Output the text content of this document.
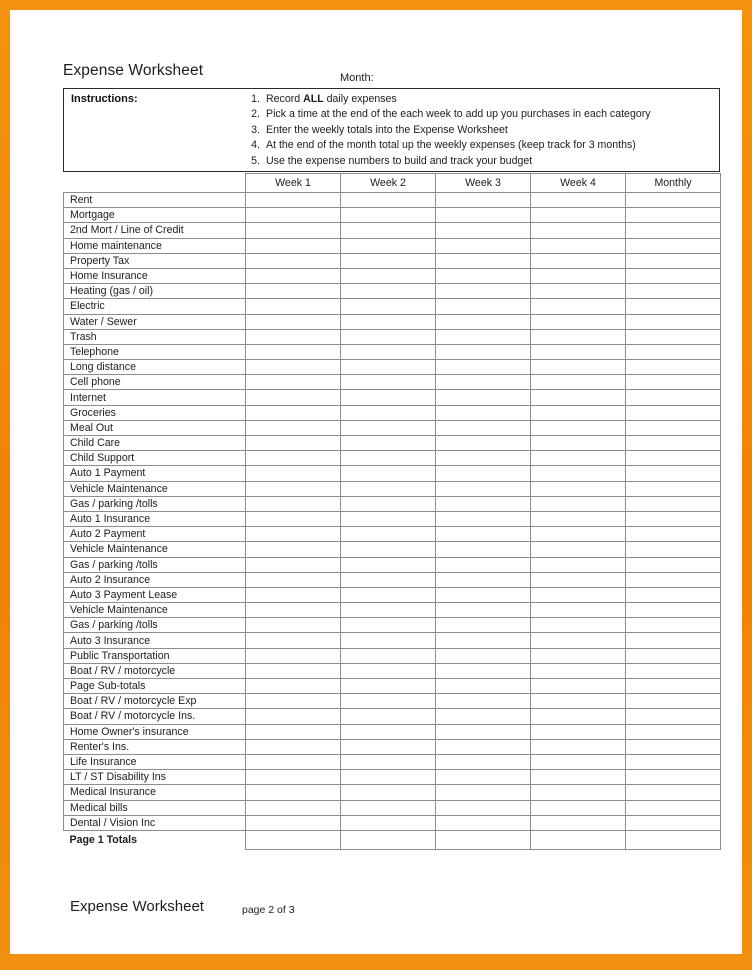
Expense Worksheet	Month:
Instructions:	1. Record ALL daily expenses
2. Pick a time at the end of the each week to add up you purchases in each category
3. Enter the weekly totals into the Expense Worksheet
4. At the end of the month total up the weekly expenses (keep track for 3 months)
5. Use the expense numbers to build and track your budget
	Week 1	Week 2	Week 3	Week 4	Monthly
Rent					
Mortgage					
2nd Mort / Line of Credit					
Home maintenance					
Property Tax					
Home Insurance					
Heating (gas / oil)					
Electric					
Water / Sewer					
Trash					
Telephone					
Long distance					
Cell phone					
Internet					
Groceries					
Meal Out					
Child Care					
Child Support					
Auto 1 Payment					
Vehicle Maintenance					
Gas / parking /tolls					
Auto 1 Insurance					
Auto 2 Payment					
Vehicle Maintenance					
Gas / parking /tolls					
Auto 2 Insurance					
Auto 3 Payment Lease					
Vehicle Maintenance					
Gas / parking /tolls					
Auto 3 Insurance					
Public Transportation					
Boat / RV / motorcycle					
Page Sub-totals					
Boat / RV / motorcycle Exp					
Boat / RV / motorcycle Ins.					
Home Owner's insurance					
Renter's Ins.					
Life Insurance					
LT / ST Disability Ins					
Medical Insurance					
Medical bills					
Dental / Vision Inc					
Page 1 Totals					
Expense Worksheet	page 2 of 3
